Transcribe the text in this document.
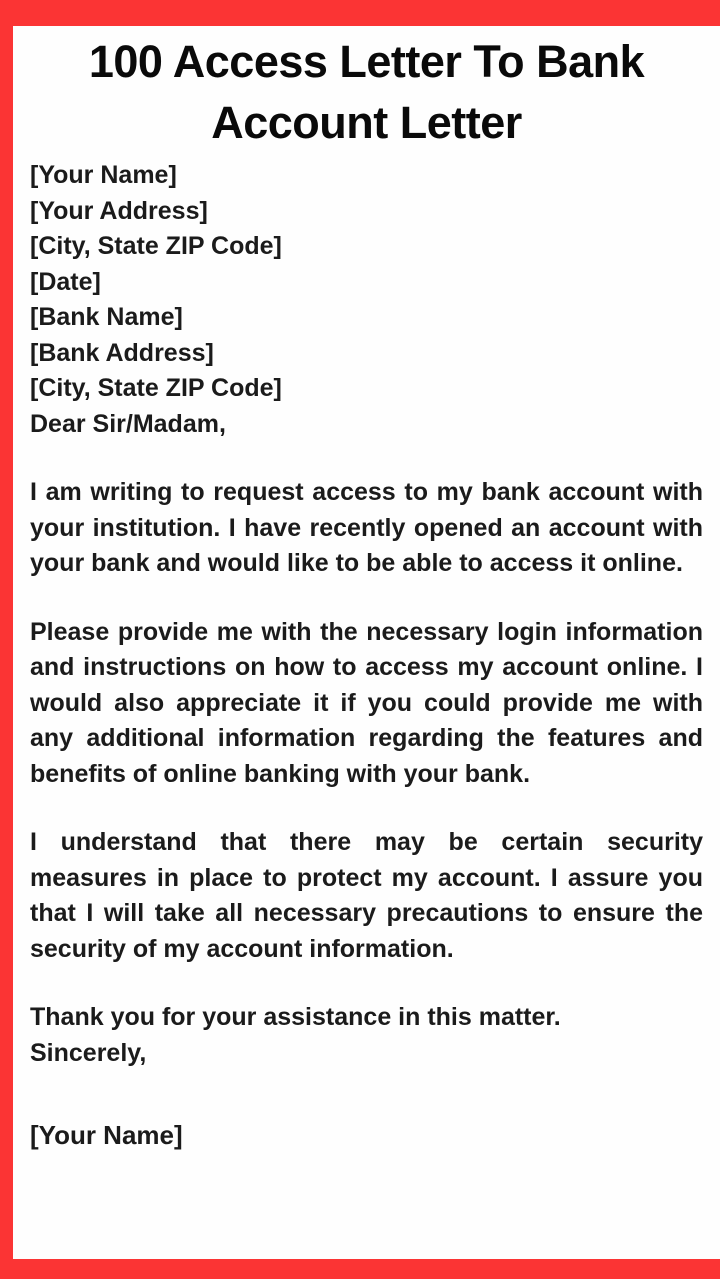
100 Access Letter To Bank
Account Letter
[Your Name]
[Your Address]
[City, State ZIP Code]
[Date]
[Bank Name]
[Bank Address]
[City, State ZIP Code]
Dear Sir/Madam,
I am writing to request access to my bank account with your institution. I have recently opened an account with your bank and would like to be able to access it online.
Please provide me with the necessary login information and instructions on how to access my account online. I would also appreciate it if you could provide me with any additional information regarding the features and benefits of online banking with your bank.
I understand that there may be certain security measures in place to protect my account. I assure you that I will take all necessary precautions to ensure the security of my account information.
Thank you for your assistance in this matter.
Sincerely,
[Your Name]
